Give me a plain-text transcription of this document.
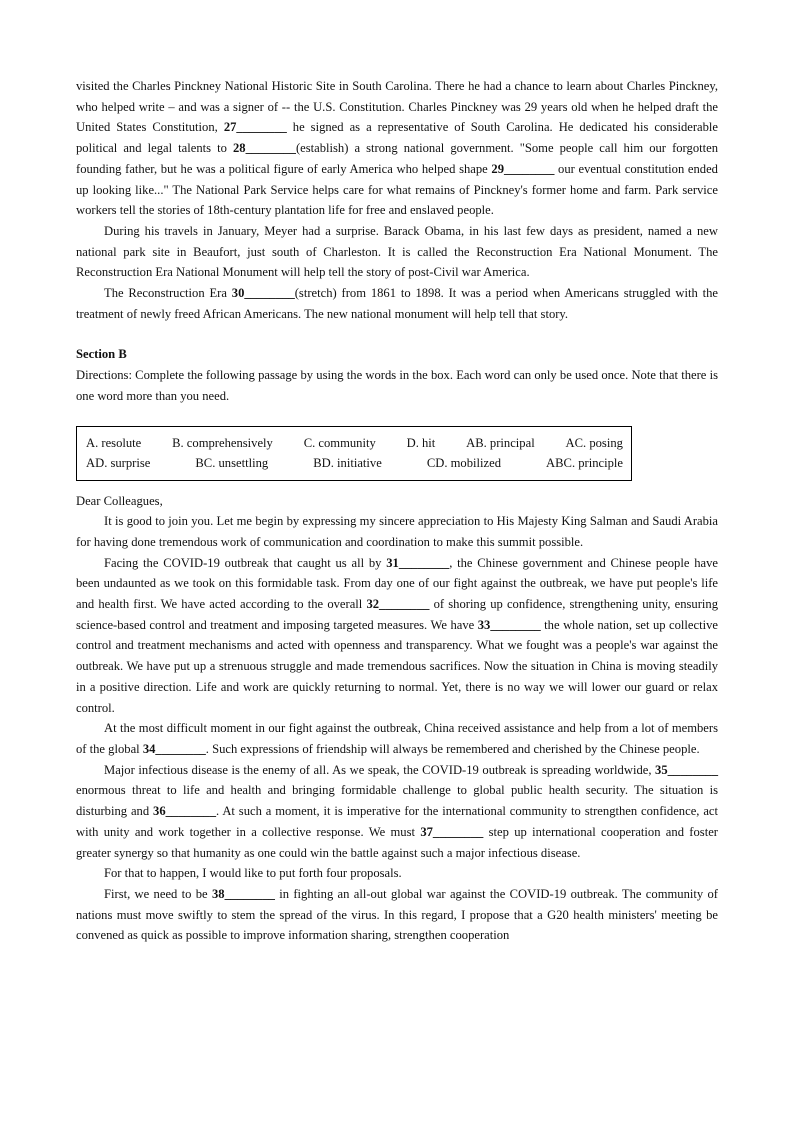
visited the Charles Pinckney National Historic Site in South Carolina. There he had a chance to learn about Charles Pinckney, who helped write – and was a signer of -- the U.S. Constitution. Charles Pinckney was 29 years old when he helped draft the United States Constitution, 27________ he signed as a representative of South Carolina. He dedicated his considerable political and legal talents to 28________(establish) a strong national government. "Some people call him our forgotten founding father, but he was a political figure of early America who helped shape 29________ our eventual constitution ended up looking like..." The National Park Service helps care for what remains of Pinckney's former home and farm. Park service workers tell the stories of 18th-century plantation life for free and enslaved people.

During his travels in January, Meyer had a surprise. Barack Obama, in his last few days as president, named a new national park site in Beaufort, just south of Charleston. It is called the Reconstruction Era National Monument. The Reconstruction Era National Monument will help tell the story of post-Civil war America.

The Reconstruction Era 30________(stretch) from 1861 to 1898. It was a period when Americans struggled with the treatment of newly freed African Americans. The new national monument will help tell that story.

Section B

Directions: Complete the following passage by using the words in the box. Each word can only be used once. Note that there is one word more than you need.

A. resolute B. comprehensively C. community D. hit AB. principal AC. posing
AD. surprise	BC. unsettling	BD. initiative	CD. mobilized	ABC. principle

Dear Colleagues,

It is good to join you. Let me begin by expressing my sincere appreciation to His Majesty King Salman and Saudi Arabia for having done tremendous work of communication and coordination to make this summit possible.

Facing the COVID-19 outbreak that caught us all by 31________, the Chinese government and Chinese people have been undaunted as we took on this formidable task. From day one of our fight against the outbreak, we have put people's life and health first. We have acted according to the overall 32________ of shoring up confidence, strengthening unity, ensuring science-based control and treatment and imposing targeted measures. We have 33________ the whole nation, set up collective control and treatment mechanisms and acted with openness and transparency. What we fought was a people's war against the outbreak. We have put up a strenuous struggle and made tremendous sacrifices. Now the situation in China is moving steadily in a positive direction. Life and work are quickly returning to normal. Yet, there is no way we will lower our guard or relax control.

At the most difficult moment in our fight against the outbreak, China received assistance and help from a lot of members of the global 34________. Such expressions of friendship will always be remembered and cherished by the Chinese people.

Major infectious disease is the enemy of all. As we speak, the COVID-19 outbreak is spreading worldwide, 35________ enormous threat to life and health and bringing formidable challenge to global public health security. The situation is disturbing and 36________. At such a moment, it is imperative for the international community to strengthen confidence, act with unity and work together in a collective response. We must 37________ step up international cooperation and foster greater synergy so that humanity as one could win the battle against such a major infectious disease.

For that to happen, I would like to put forth four proposals.

First, we need to be 38________ in fighting an all-out global war against the COVID-19 outbreak. The community of nations must move swiftly to stem the spread of the virus. In this regard, I propose that a G20 health ministers' meeting be convened as quick as possible to improve information sharing, strengthen cooperation
